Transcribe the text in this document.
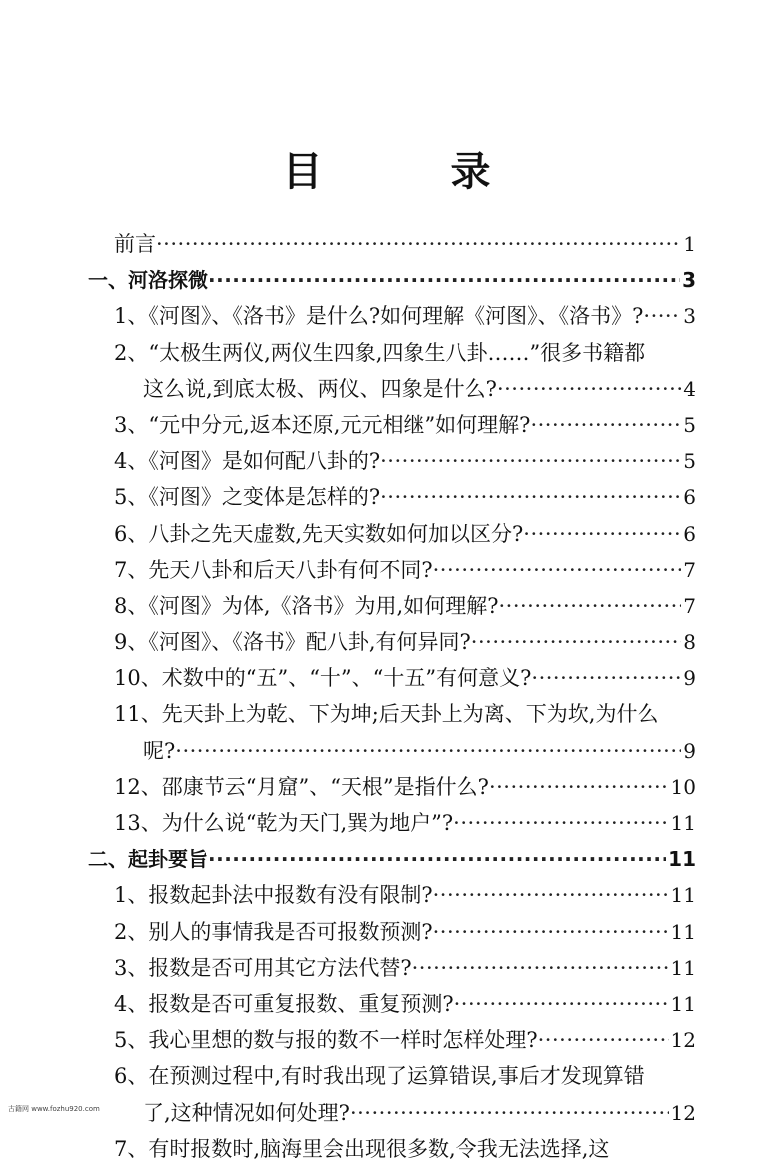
目　录
前言 ·····	1
一、河洛探微 ·····	3
1、《河图》、《洛书》是什么?如何理解《河图》、《洛书》? ····· 3
2、“太极生两仪,两仪生四象,四象生八卦……”很多书籍都
这么说,到底太极、两仪、四象是什么? ·····	4
3、“元中分元,返本还原,元元相继”如何理解? ·····	5
4、《河图》是如何配八卦的? ·····	5
5、《河图》之变体是怎样的? ·····	6
6、八卦之先天虚数,先天实数如何加以区分? ·····	6
7、先天八卦和后天八卦有何不同? ·····	7
8、《河图》为体,《洛书》为用,如何理解? ·····	7
9、《河图》、《洛书》配八卦,有何异同? ·····	8
10、术数中的“五”、“十”、“十五”有何意义? ·····	9
11、先天卦上为乾、下为坤;后天卦上为离、下为坎,为什么
呢? ·····	9
12、邵康节云“月窟”、“天根”是指什么? ·····	10
13、为什么说“乾为天门,巽为地户”? ·····	11
二、起卦要旨 ·····	11
1、报数起卦法中报数有没有限制? ·····	11
2、别人的事情我是否可报数预测? ·····	11
3、报数是否可用其它方法代替? ·····	11
4、报数是否可重复报数、重复预测? ·····	11
5、我心里想的数与报的数不一样时怎样处理? ·····	12
6、在预测过程中,有时我出现了运算错误,事后才发现算错
了,这种情况如何处理? ·····	12
7、有时报数时,脑海里会出现很多数,令我无法选择,这
古籍网 www.fozhu920.com
